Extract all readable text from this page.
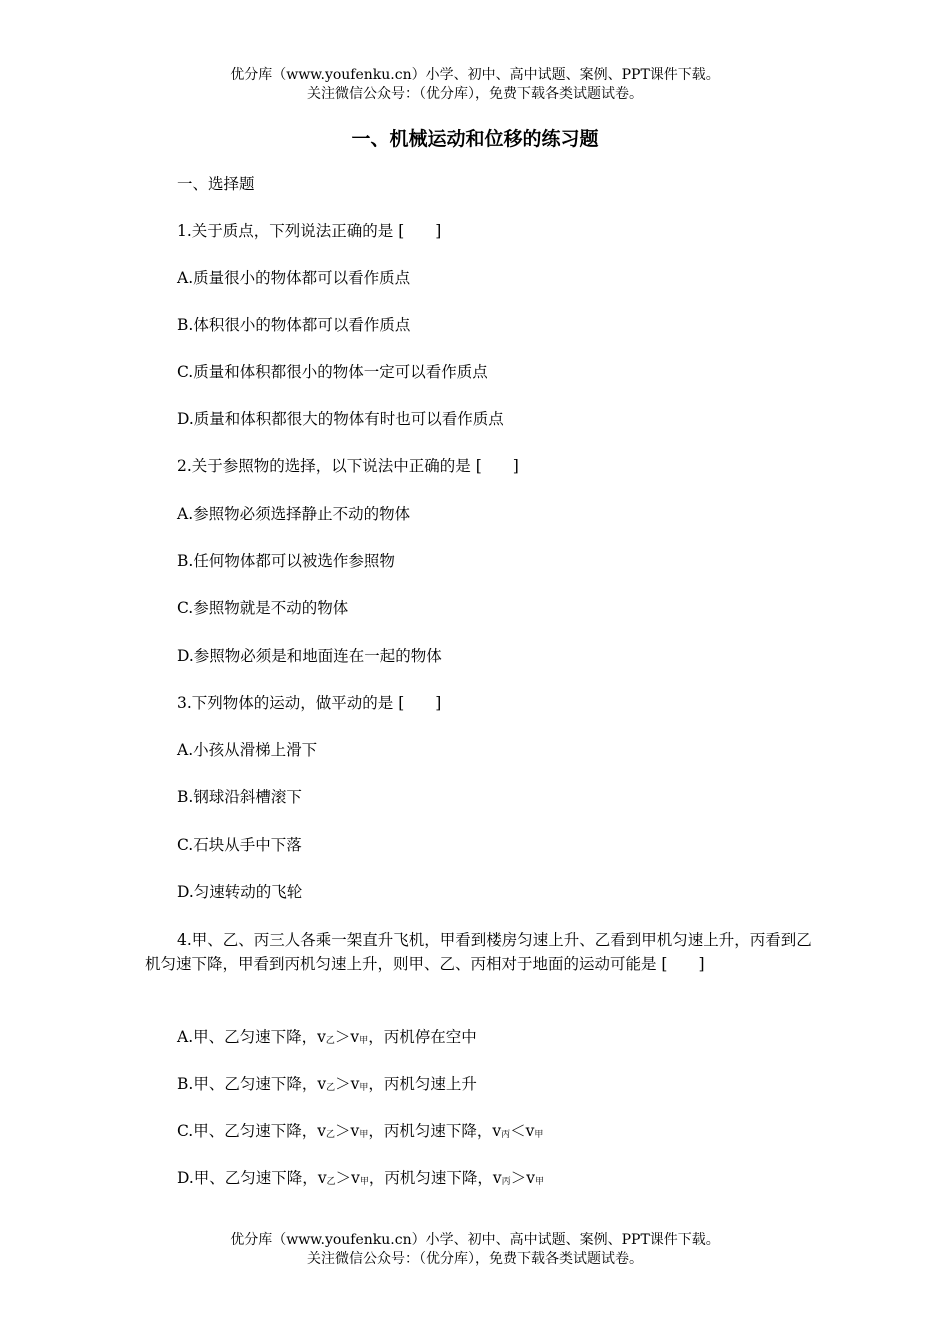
优分库（www.youfenku.cn）小学、初中、高中试题、案例、PPT课件下载。
关注微信公众号：（优分库），免费下载各类试题试卷。
一、机械运动和位移的练习题
一、选择题
1.关于质点，下列说法正确的是 [　　]
A.质量很小的物体都可以看作质点
B.体积很小的物体都可以看作质点
C.质量和体积都很小的物体一定可以看作质点
D.质量和体积都很大的物体有时也可以看作质点
2.关于参照物的选择，以下说法中正确的是 [　　]
A.参照物必须选择静止不动的物体
B.任何物体都可以被选作参照物
C.参照物就是不动的物体
D.参照物必须是和地面连在一起的物体
3.下列物体的运动，做平动的是 [　　]
A.小孩从滑梯上滑下
B.钢球沿斜槽滚下
C.石块从手中下落
D.匀速转动的飞轮
4.甲、乙、丙三人各乘一架直升飞机，甲看到楼房匀速上升、乙看到甲机匀速上升，丙看到乙机匀速下降，甲看到丙机匀速上升，则甲、乙、丙相对于地面的运动可能是 [　　]
A.甲、乙匀速下降，$v_乙>v_甲$，丙机停在空中
B.甲、乙匀速下降，$v_乙>v_甲$，丙机匀速上升
C.甲、乙匀速下降，$v_乙>v_甲$，丙机匀速下降，$v_丙<v_甲$
D.甲、乙匀速下降，$v_乙>v_甲$，丙机匀速下降，$v_丙>v_甲$
优分库（www.youfenku.cn）小学、初中、高中试题、案例、PPT课件下载。
关注微信公众号：（优分库），免费下载各类试题试卷。
